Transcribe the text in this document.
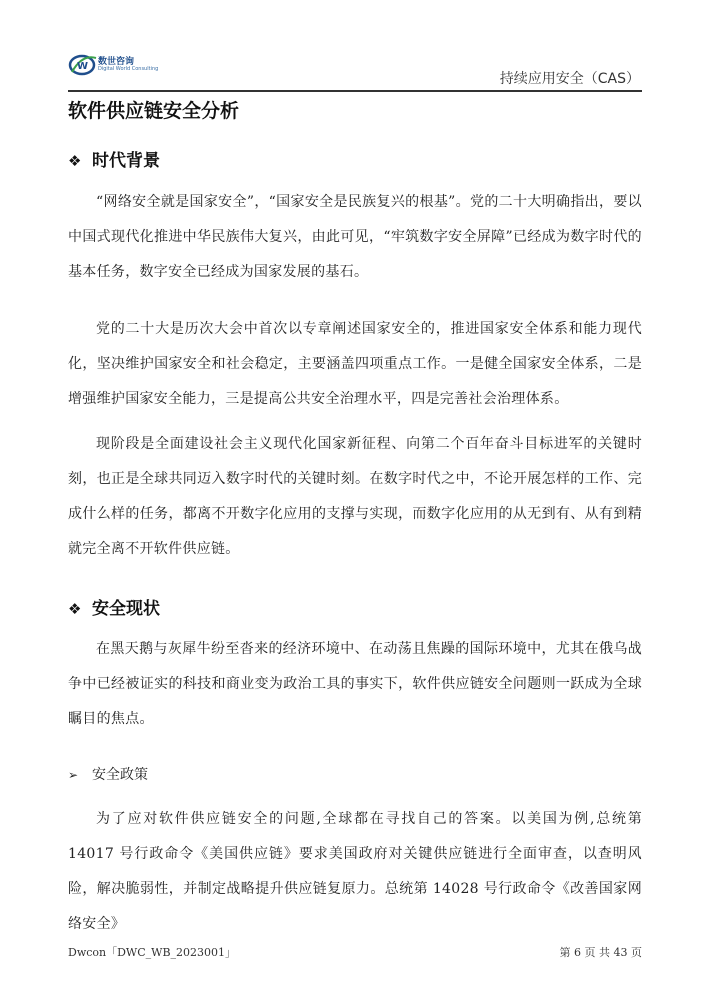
W 数世咨询
Digital World Consulting
持续应用安全（CAS）
软件供应链安全分析
❖ 时代背景

“网络安全就是国家安全”，“国家安全是民族复兴的根基”。党的二十大明确指出，要以中国式现代化推进中华民族伟大复兴，由此可见，“牢筑数字安全屏障”已经成为数字时代的基本任务，数字安全已经成为国家发展的基石。

党的二十大是历次大会中首次以专章阐述国家安全的，推进国家安全体系和能力现代化，坚决维护国家安全和社会稳定，主要涵盖四项重点工作。一是健全国家安全体系，二是增强维护国家安全能力，三是提高公共安全治理水平，四是完善社会治理体系。

现阶段是全面建设社会主义现代化国家新征程、向第二个百年奋斗目标进军的关键时刻，也正是全球共同迈入数字时代的关键时刻。在数字时代之中，不论开展怎样的工作、完成什么样的任务，都离不开数字化应用的支撑与实现，而数字化应用的从无到有、从有到精就完全离不开软件供应链。

❖ 安全现状

在黑天鹅与灰犀牛纷至沓来的经济环境中、在动荡且焦躁的国际环境中，尤其在俄乌战争中已经被证实的科技和商业变为政治工具的事实下，软件供应链安全问题则一跃成为全球瞩目的焦点。

➢ 安全政策

为了应对软件供应链安全的问题,全球都在寻找自己的答案。以美国为例,总统第 14017 号行政命令《美国供应链》要求美国政府对关键供应链进行全面审查，以查明风险，解决脆弱性，并制定战略提升供应链复原力。总统第 14028 号行政命令《改善国家网络安全》

Dwcon「DWC_WB_2023001」	第 6 页 共 43 页
